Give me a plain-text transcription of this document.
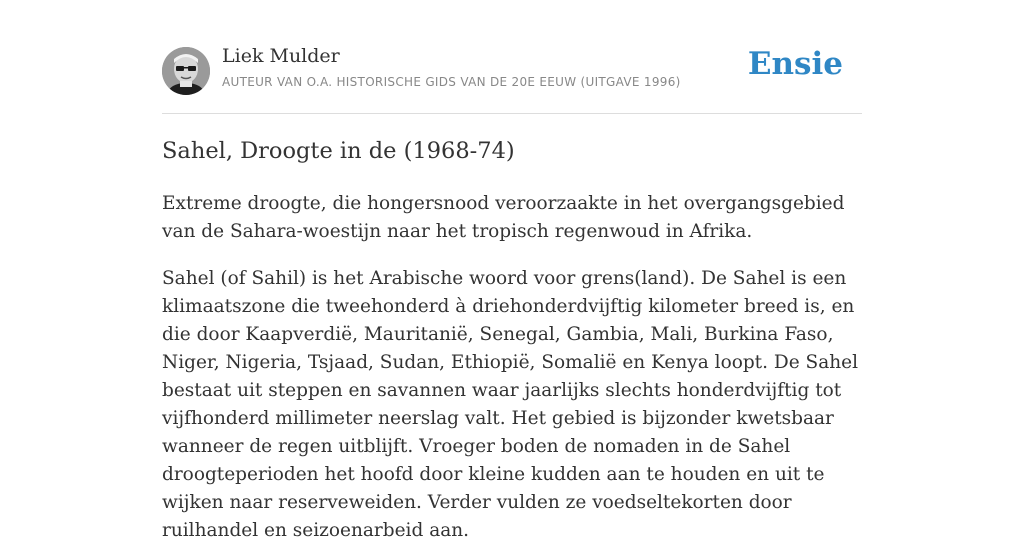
Liek Mulder
AUTEUR VAN O.A. HISTORISCHE GIDS VAN DE 20E EEUW (UITGAVE 1996) Ensie
Sahel, Droogte in de (1968-74)

Extreme droogte, die hongersnood veroorzaakte in het overgangsgebied van de Sahara-woestijn naar het tropisch regenwoud in Afrika.

Sahel (of Sahil) is het Arabische woord voor grens(land). De Sahel is een klimaatszone die tweehonderd à driehonderdvijftig kilometer breed is, en die door Kaapverdië, Mauritanië, Senegal, Gambia, Mali, Burkina Faso, Niger, Nigeria, Tsjaad, Sudan, Ethiopië, Somalië en Kenya loopt. De Sahel bestaat uit steppen en savannen waar jaarlijks slechts honderdvijftig tot vijfhonderd millimeter neerslag valt. Het gebied is bijzonder kwetsbaar wanneer de regen uitblijft. Vroeger boden de nomaden in de Sahel droogteperioden het hoofd door kleine kudden aan te houden en uit te wijken naar reserveweiden. Verder vulden ze voedseltekorten door ruilhandel en seizoenarbeid aan.
